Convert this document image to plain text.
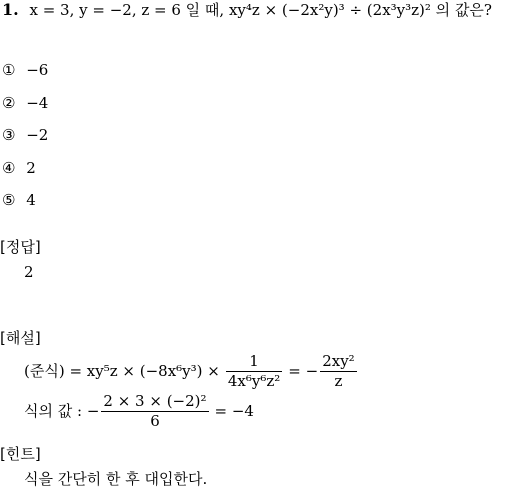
1. x = 3, y = −2, z = 6 일 때, xy⁴z × (−2x²y)³ ÷ (2x³y³z)² 의 값은?
① −6
② −4
③ −2
④ 2
⑤ 4
[정답]
2
[해설]
(준식) = $xy^5z \times (-8x^6y^3) \times \frac{1}{\text{4x⁶y⁶z²}}$ = − $\frac{\text{2xy²}}{z}$
식의 값 : − $\frac{\text{2 × 3 × (−2)²}}{6} = -4$
[힌트]
식을 간단히 한 후 대입한다.
